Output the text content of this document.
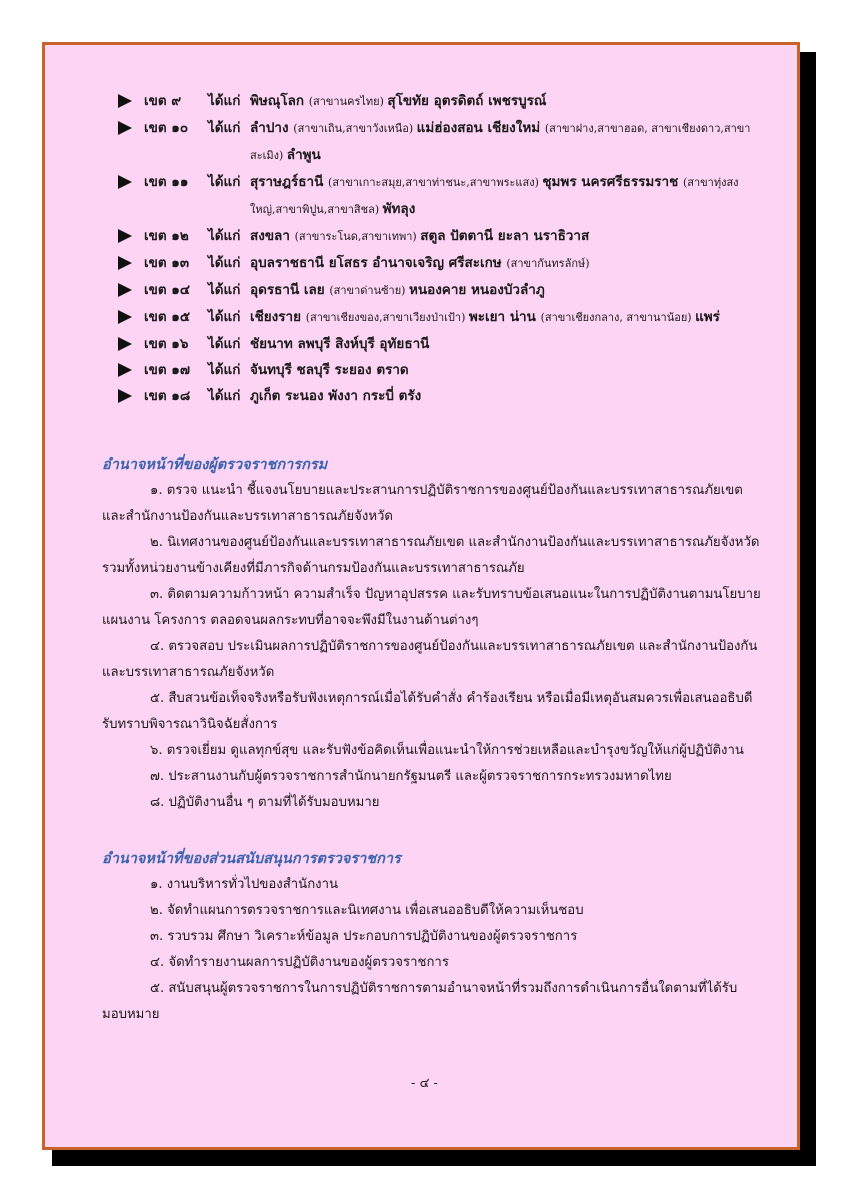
เขต ๙	ได้แก่ พิษณุโลก (สาขานครไทย) สุโขทัย อุตรดิตถ์ เพชรบูรณ์
เขต ๑๐	ได้แก่ ลำปาง (สาขาเถิน,สาขาวังเหนือ) แม่ฮ่องสอน เชียงใหม่ (สาขาฝาง,สาขาฮอด, สาขาเชียงดาว,สาขาสะเมิง) ลำพูน
เขต ๑๑	ได้แก่ สุราษฎร์ธานี (สาขาเกาะสมุย,สาขาท่าชนะ,สาขาพระแสง) ชุมพร นครศรีธรรมราช (สาขาทุ่งสงใหญ่,สาขาพิปูน,สาขาสิชล) พัทลุง
เขต ๑๒	ได้แก่ สงขลา (สาขาระโนด,สาขาเทพา) สตูล ปัตตานี ยะลา นราธิวาส
เขต ๑๓	ได้แก่ อุบลราชธานี ยโสธร อำนาจเจริญ ศรีสะเกษ (สาขากันทรลักษ์)
เขต ๑๔	ได้แก่ อุดรธานี เลย (สาขาด่านซ้าย) หนองคาย หนองบัวลำภู
เขต ๑๕	ได้แก่ เชียงราย (สาขาเชียงของ,สาขาเวียงป่าเป้า) พะเยา น่าน (สาขาเชียงกลาง, สาขานาน้อย) แพร่
เขต ๑๖	ได้แก่ ชัยนาท ลพบุรี สิงห์บุรี อุทัยธานี
เขต ๑๗	ได้แก่ จันทบุรี ชลบุรี ระยอง ตราด
เขต ๑๘	ได้แก่ ภูเก็ต ระนอง พังงา กระบี่ ตรัง
อำนาจหน้าที่ของผู้ตรวจราชการกรม

๑. ตรวจ แนะนำ ชี้แจงนโยบายและประสานการปฏิบัติราชการของศูนย์ป้องกันและบรรเทาสาธารณภัยเขต และสำนักงานป้องกันและบรรเทาสาธารณภัยจังหวัด

๒. นิเทศงานของศูนย์ป้องกันและบรรเทาสาธารณภัยเขต และสำนักงานป้องกันและบรรเทาสาธารณภัยจังหวัด รวมทั้งหน่วยงานข้างเคียงที่มีภารกิจด้านกรมป้องกันและบรรเทาสาธารณภัย

๓. ติดตามความก้าวหน้า ความสำเร็จ ปัญหาอุปสรรค และรับทราบข้อเสนอแนะในการปฏิบัติงานตามนโยบาย แผนงาน โครงการ ตลอดจนผลกระทบที่อาจจะพึงมีในงานด้านต่างๆ

๔. ตรวจสอบ ประเมินผลการปฏิบัติราชการของศูนย์ป้องกันและบรรเทาสาธารณภัยเขต และสำนักงานป้องกันและบรรเทาสาธารณภัยจังหวัด

๕. สืบสวนข้อเท็จจริงหรือรับฟังเหตุการณ์เมื่อได้รับคำสั่ง คำร้องเรียน หรือเมื่อมีเหตุอันสมควรเพื่อเสนออธิบดีรับทราบพิจารณาวินิจฉัยสั่งการ

๖. ตรวจเยี่ยม ดูแลทุกข์สุข และรับฟังข้อคิดเห็นเพื่อแนะนำให้การช่วยเหลือและบำรุงขวัญให้แก่ผู้ปฏิบัติงาน

๗. ประสานงานกับผู้ตรวจราชการสำนักนายกรัฐมนตรี และผู้ตรวจราชการกระทรวงมหาดไทย

๘. ปฏิบัติงานอื่น ๆ ตามที่ได้รับมอบหมาย

อำนาจหน้าที่ของส่วนสนับสนุนการตรวจราชการ

๑. งานบริหารทั่วไปของสำนักงาน

๒. จัดทำแผนการตรวจราชการและนิเทศงาน เพื่อเสนออธิบดีให้ความเห็นชอบ

๓. รวบรวม ศึกษา วิเคราะห์ข้อมูล ประกอบการปฏิบัติงานของผู้ตรวจราชการ

๔. จัดทำรายงานผลการปฏิบัติงานของผู้ตรวจราชการ

๕. สนับสนุนผู้ตรวจราชการในการปฏิบัติราชการตามอำนาจหน้าที่รวมถึงการดำเนินการอื่นใดตามที่ได้รับมอบหมาย

- ๔ -
